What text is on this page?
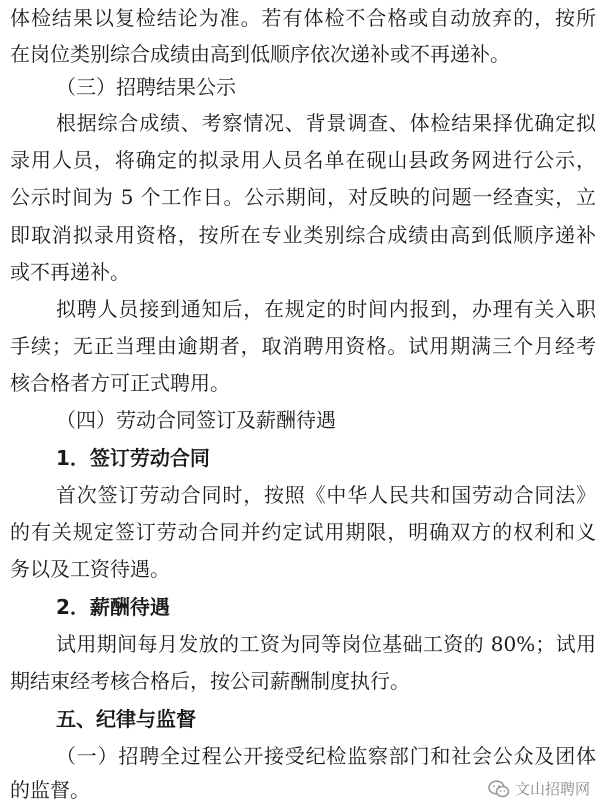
体检结果以复检结论为准。若有体检不合格或自动放弃的，按所
在岗位类别综合成绩由高到低顺序依次递补或不再递补。
（三）招聘结果公示
根据综合成绩、考察情况、背景调查、体检结果择优确定拟
录用人员，将确定的拟录用人员名单在砚山县政务网进行公示，
公示时间为 5 个工作日。公示期间，对反映的问题一经查实，立
即取消拟录用资格，按所在专业类别综合成绩由高到低顺序递补
或不再递补。
拟聘人员接到通知后，在规定的时间内报到，办理有关入职
手续；无正当理由逾期者，取消聘用资格。试用期满三个月经考
核合格者方可正式聘用。
（四）劳动合同签订及薪酬待遇
1．签订劳动合同
首次签订劳动合同时，按照《中华人民共和国劳动合同法》
的有关规定签订劳动合同并约定试用期限，明确双方的权利和义
务以及工资待遇。
2．薪酬待遇
试用期间每月发放的工资为同等岗位基础工资的 80%；试用
期结束经考核合格后，按公司薪酬制度执行。
五、纪律与监督
（一）招聘全过程公开接受纪检监察部门和社会公众及团体
的监督。	文山招聘网
